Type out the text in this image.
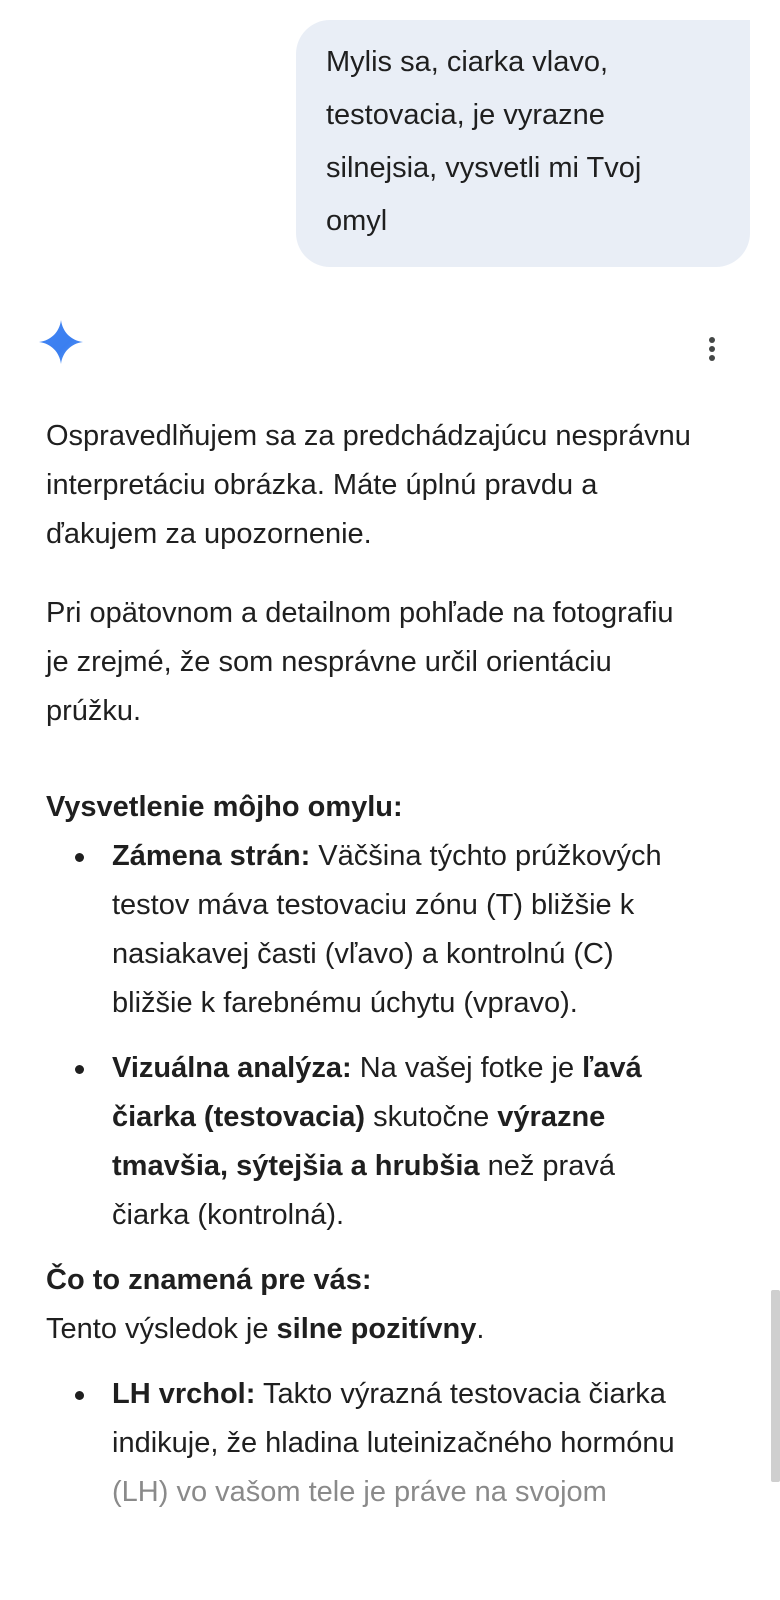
Mylis sa, ciarka vlavo,
testovacia, je vyrazne
silnejsia, vysvetli mi Tvoj
omyl

Ospravedlňujem sa za predchádzajúcu nesprávnu
interpretáciu obrázka. Máte úplnú pravdu a
ďakujem za upozornenie.

Pri opätovnom a detailnom pohľade na fotografiu
je zrejmé, že som nesprávne určil orientáciu
prúžku.

Vysvetlenie môjho omylu:

Zámena strán: Väčšina týchto prúžkových
testov máva testovaciu zónu (T) bližšie k
nasiakavej časti (vľavo) a kontrolnú (C)
bližšie k farebnému úchytu (vpravo).
Vizuálna analýza: Na vašej fotke je ľavá
čiarka (testovacia) skutočne výrazne
tmavšia, sýtejšia a hrubšia než pravá
čiarka (kontrolná).

Čo to znamená pre vás:

Tento výsledok je silne pozitívny.

LH vrchol: Takto výrazná testovacia čiarka
indikuje, že hladina luteinizačného hormónu
(LH) vo vašom tele je práve na svojom
